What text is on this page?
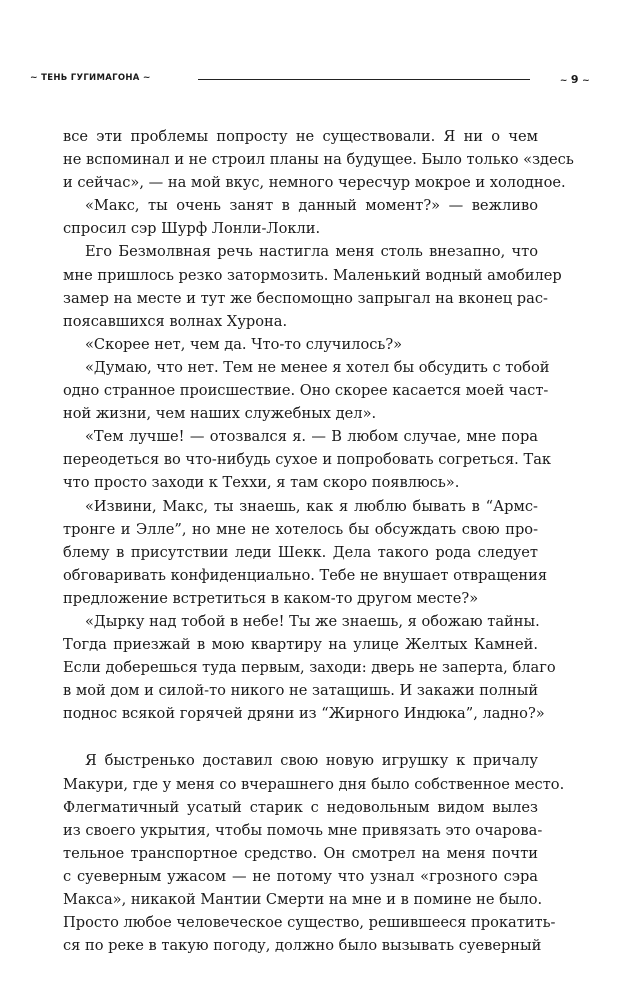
~ ТЕНЬ ГУГИМАГОНА ~	~ 9 ~
все эти проблемы попросту не существовали. Я ни о чем
не вспоминал и не строил планы на будущее. Было только «здесь
и сейчас», — на мой вкус, немного чересчур мокрое и холодное.
«Макс, ты очень занят в данный момент?» — вежливо
спросил сэр Шурф Лонли-Локли.
Его Безмолвная речь настигла меня столь внезапно, что
мне пришлось резко затормозить. Маленький водный амобилер
замер на месте и тут же беспомощно запрыгал на вконец рас-
поясавшихся волнах Хурона.
«Скорее нет, чем да. Что-то случилось?»
«Думаю, что нет. Тем не менее я хотел бы обсудить с тобой
одно странное происшествие. Оно скорее касается моей част-
ной жизни, чем наших служебных дел».
«Тем лучше! — отозвался я. — В любом случае, мне пора
переодеться во что-нибудь сухое и попробовать согреться. Так
что просто заходи к Теххи, я там скоро появлюсь».
«Извини, Макс, ты знаешь, как я люблю бывать в “Армс-
тронге и Элле”, но мне не хотелось бы обсуждать свою про-
блему в присутствии леди Шекк. Дела такого рода следует
обговаривать конфиденциально. Тебе не внушает отвращения
предложение встретиться в каком-то другом месте?»
«Дырку над тобой в небе! Ты же знаешь, я обожаю тайны.
Тогда приезжай в мою квартиру на улице Желтых Камней.
Если доберешься туда первым, заходи: дверь не заперта, благо
в мой дом и силой-то никого не затащишь. И закажи полный
поднос всякой горячей дряни из “Жирного Индюка”, ладно?»
Я быстренько доставил свою новую игрушку к причалу
Макури, где у меня со вчерашнего дня было собственное место.
Флегматичный усатый старик с недовольным видом вылез
из своего укрытия, чтобы помочь мне привязать это очарова-
тельное транспортное средство. Он смотрел на меня почти
с суеверным ужасом — не потому что узнал «грозного сэра
Макса», никакой Мантии Смерти на мне и в помине не было.
Просто любое человеческое существо, решившееся прокатить-
ся по реке в такую погоду, должно было вызывать суеверный
